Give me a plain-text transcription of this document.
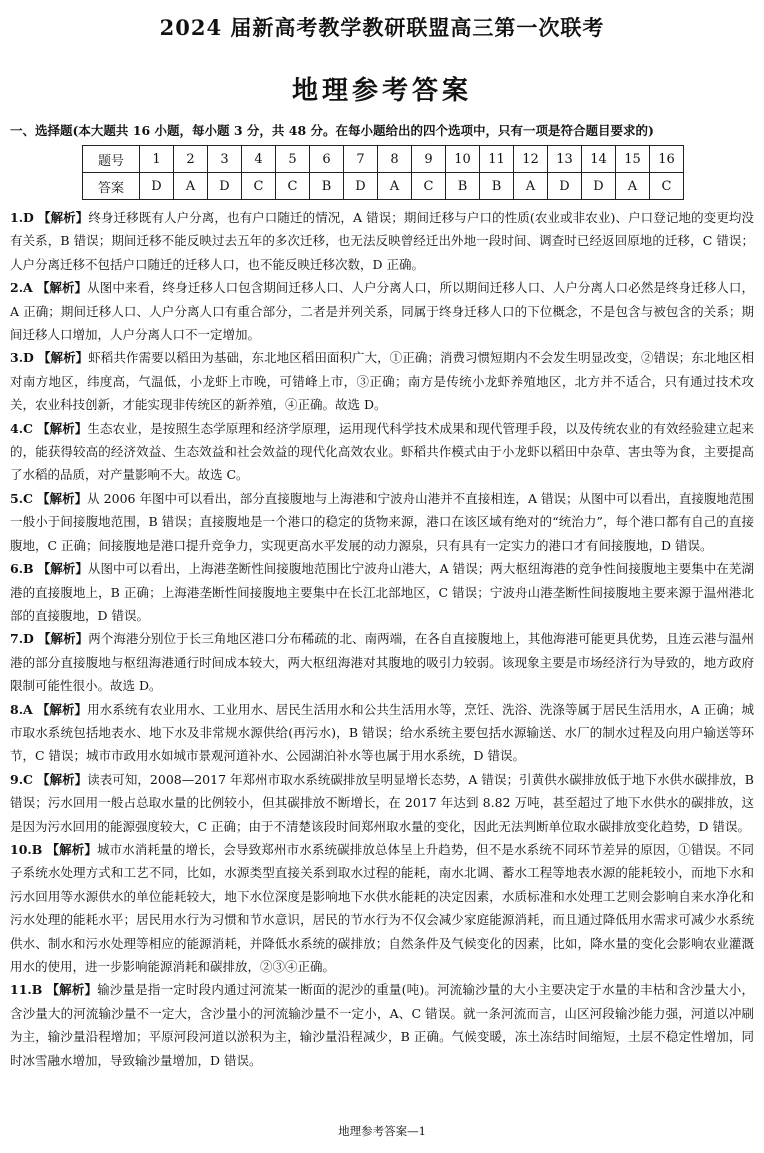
2024 届新高考教学教研联盟高三第一次联考
地理参考答案
一、选择题(本大题共 16 小题，每小题 3 分，共 48 分。在每小题给出的四个选项中，只有一项是符合题目要求的)
题号	1	2	3	4	5	6	7	8	9	10	11	12	13	14	15	16
答案	D	A	D	C	C	B	D	A	C	B	B	A	D	D	A	C

1.D 【解析】终身迁移既有人户分离，也有户口随迁的情况，A 错误；期间迁移与户口的性质(农业或非农业)、户口登记地的变更均没有关系，B 错误；期间迁移不能反映过去五年的多次迁移，也无法反映曾经迁出外地一段时间、调查时已经返回原地的迁移，C 错误；人户分离迁移不包括户口随迁的迁移人口，也不能反映迁移次数，D 正确。

2.A 【解析】从图中来看，终身迁移人口包含期间迁移人口、人户分离人口，所以期间迁移人口、人户分离人口必然是终身迁移人口，A 正确；期间迁移人口、人户分离人口有重合部分，二者是并列关系，同属于终身迁移人口的下位概念，不是包含与被包含的关系；期间迁移人口增加，人户分离人口不一定增加。

3.D 【解析】虾稻共作需要以稻田为基础，东北地区稻田面积广大，①正确；消费习惯短期内不会发生明显改变，②错误；东北地区相对南方地区，纬度高，气温低，小龙虾上市晚，可错峰上市，③正确；南方是传统小龙虾养殖地区，北方并不适合，只有通过技术攻关，农业科技创新，才能实现非传统区的新养殖，④正确。故选 D。

4.C 【解析】生态农业，是按照生态学原理和经济学原理，运用现代科学技术成果和现代管理手段，以及传统农业的有效经验建立起来的，能获得较高的经济效益、生态效益和社会效益的现代化高效农业。虾稻共作模式由于小龙虾以稻田中杂草、害虫等为食，主要提高了水稻的品质，对产量影响不大。故选 C。

5.C 【解析】从 2006 年图中可以看出，部分直接腹地与上海港和宁波舟山港并不直接相连，A 错误；从图中可以看出，直接腹地范围一般小于间接腹地范围，B 错误；直接腹地是一个港口的稳定的货物来源，港口在该区域有绝对的“统治力”，每个港口都有自己的直接腹地，C 正确；间接腹地是港口提升竞争力，实现更高水平发展的动力源泉，只有具有一定实力的港口才有间接腹地，D 错误。

6.B 【解析】从图中可以看出，上海港垄断性间接腹地范围比宁波舟山港大，A 错误；两大枢纽海港的竞争性间接腹地主要集中在芜湖港的直接腹地上，B 正确；上海港垄断性间接腹地主要集中在长江北部地区，C 错误；宁波舟山港垄断性间接腹地主要来源于温州港北部的直接腹地，D 错误。

7.D 【解析】两个海港分别位于长三角地区港口分布稀疏的北、南两端，在各自直接腹地上，其他海港可能更具优势，且连云港与温州港的部分直接腹地与枢纽海港通行时间成本较大，两大枢纽海港对其腹地的吸引力较弱。该现象主要是市场经济行为导致的，地方政府限制可能性很小。故选 D。

8.A 【解析】用水系统有农业用水、工业用水、居民生活用水和公共生活用水等，烹饪、洗浴、洗涤等属于居民生活用水，A 正确；城市取水系统包括地表水、地下水及非常规水源供给(再污水)，B 错误；给水系统主要包括水源输送、水厂的制水过程及向用户输送等环节，C 错误；城市市政用水如城市景观河道补水、公园湖泊补水等也属于用水系统，D 错误。

9.C 【解析】读表可知，2008—2017 年郑州市取水系统碳排放呈明显增长态势，A 错误；引黄供水碳排放低于地下水供水碳排放，B 错误；污水回用一般占总取水量的比例较小，但其碳排放不断增长，在 2017 年达到 8.82 万吨，甚至超过了地下水供水的碳排放，这是因为污水回用的能源强度较大，C 正确；由于不清楚该段时间郑州取水量的变化，因此无法判断单位取水碳排放变化趋势，D 错误。

10.B 【解析】城市水消耗量的增长，会导致郑州市水系统碳排放总体呈上升趋势，但不是水系统不同环节差异的原因，①错误。不同子系统水处理方式和工艺不同，比如，水源类型直接关系到取水过程的能耗，南水北调、蓄水工程等地表水源的能耗较小，而地下水和污水回用等水源供水的单位能耗较大，地下水位深度是影响地下水供水能耗的决定因素，水质标准和水处理工艺则会影响自来水净化和污水处理的能耗水平；居民用水行为习惯和节水意识，居民的节水行为不仅会减少家庭能源消耗，而且通过降低用水需求可减少水系统供水、制水和污水处理等相应的能源消耗，并降低水系统的碳排放；自然条件及气候变化的因素，比如，降水量的变化会影响农业灌溉用水的使用，进一步影响能源消耗和碳排放，②③④正确。

11.B 【解析】输沙量是指一定时段内通过河流某一断面的泥沙的重量(吨)。河流输沙量的大小主要决定于水量的丰枯和含沙量大小，含沙量大的河流输沙量不一定大，含沙量小的河流输沙量不一定小，A、C 错误。就一条河流而言，山区河段输沙能力强，河道以冲刷为主，输沙量沿程增加；平原河段河道以淤积为主，输沙量沿程减少，B 正确。气候变暖，冻土冻结时间缩短，土层不稳定性增加，同时冰雪融水增加，导致输沙量增加，D 错误。

地理参考答案—1
